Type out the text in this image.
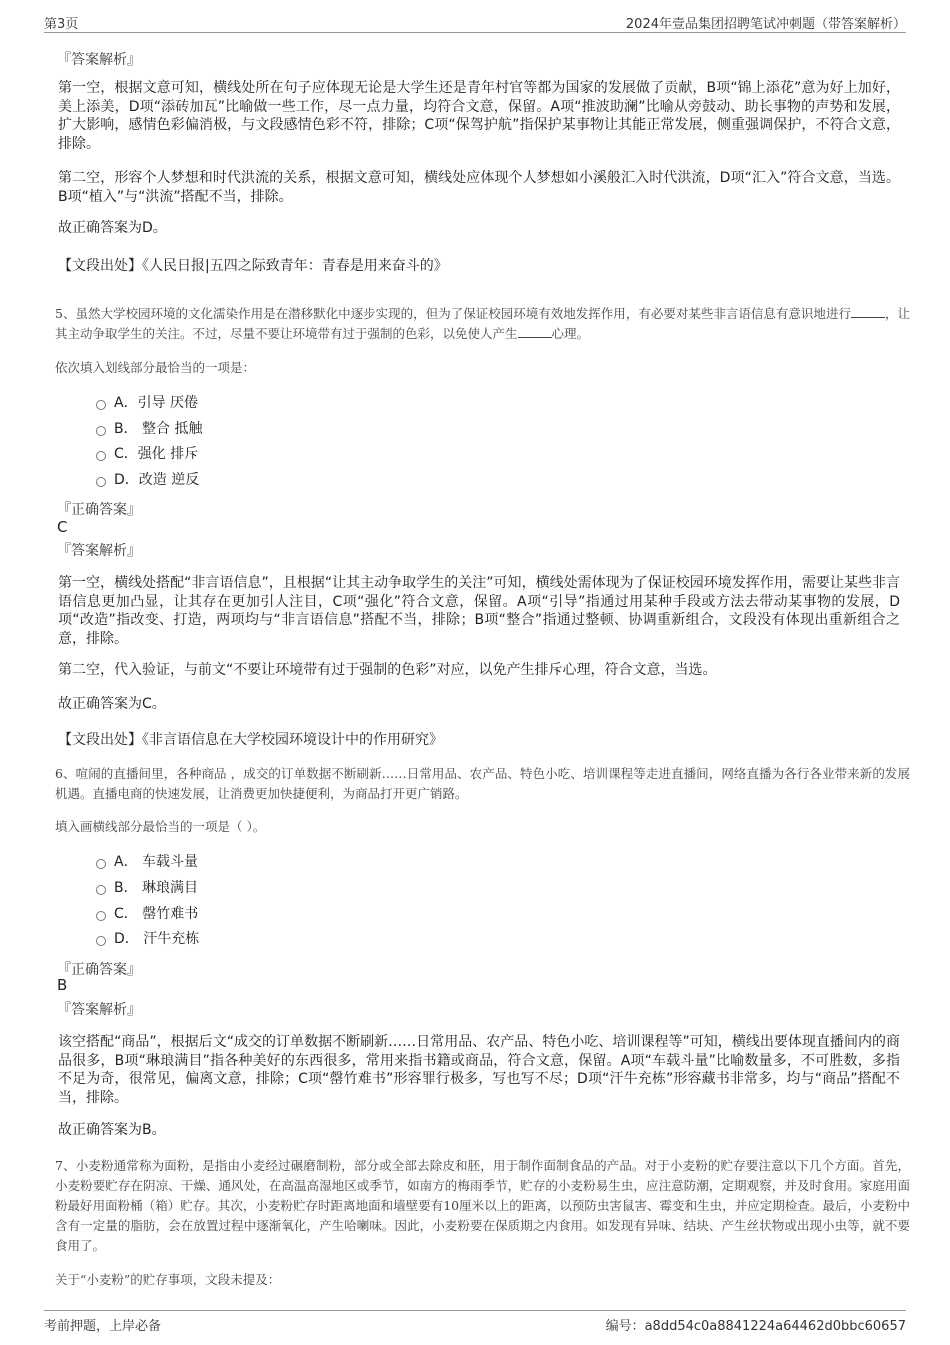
第3页	2024年壹品集团招聘笔试冲刺题（带答案解析）
『答案解析』

第一空，根据文意可知，横线处所在句子应体现无论是大学生还是青年村官等都为国家的发展做了贡献，B项“锦上添花”意为好上加好，美上添美，D项“添砖加瓦”比喻做一些工作，尽一点力量，均符合文意，保留。A项“推波助澜”比喻从旁鼓动、助长事物的声势和发展，扩大影响，感情色彩偏消极，与文段感情色彩不符，排除；C项“保驾护航”指保护某事物让其能正常发展，侧重强调保护，不符合文意，排除。

第二空，形容个人梦想和时代洪流的关系，根据文意可知，横线处应体现个人梦想如小溪般汇入时代洪流，D项“汇入”符合文意，当选。B项“植入”与“洪流”搭配不当，排除。

故正确答案为D。

【文段出处】《人民日报|五四之际致青年：青春是用来奋斗的》

5、虽然大学校园环境的文化濡染作用是在潜移默化中逐步实现的，但为了保证校园环境有效地发挥作用，有必要对某些非言语信息有意识地进行	，让其主动争取学生的关注。不过，尽量不要让环境带有过于强制的色彩，以免使人产生	心理。

依次填入划线部分最恰当的一项是：

A．引导 厌倦
B． 整合 抵触
C．强化 排斥
D．改造 逆反
『正确答案』
C
『答案解析』

第一空，横线处搭配“非言语信息”，且根据“让其主动争取学生的关注”可知，横线处需体现为了保证校园环境发挥作用，需要让某些非言语信息更加凸显，让其存在更加引人注目，C项“强化”符合文意，保留。A项“引导”指通过用某种手段或方法去带动某事物的发展，D项“改造”指改变、打造，两项均与“非言语信息”搭配不当，排除；B项“整合”指通过整顿、协调重新组合，文段没有体现出重新组合之意，排除。

第二空，代入验证，与前文“不要让环境带有过于强制的色彩”对应，以免产生排斥心理，符合文意，当选。

故正确答案为C。

【文段出处】《非言语信息在大学校园环境设计中的作用研究》

6、喧闹的直播间里，各种商品 ，成交的订单数据不断刷新……日常用品、农产品、特色小吃、培训课程等走进直播间，网络直播为各行各业带来新的发展机遇。直播电商的快速发展，让消费更加快捷便利，为商品打开更广销路。

填入画横线部分最恰当的一项是（ ）。

A． 车载斗量
B． 琳琅满目
C． 罄竹难书
D． 汗牛充栋
『正确答案』
B
『答案解析』

该空搭配“商品”，根据后文“成交的订单数据不断刷新……日常用品、农产品、特色小吃、培训课程等”可知，横线出要体现直播间内的商品很多，B项“琳琅满目”指各种美好的东西很多，常用来指书籍或商品，符合文意，保留。A项“车载斗量”比喻数量多，不可胜数，多指不足为奇，很常见，偏离文意，排除；C项“罄竹难书”形容罪行极多，写也写不尽；D项“汗牛充栋”形容藏书非常多，均与“商品”搭配不当，排除。

故正确答案为B。

7、小麦粉通常称为面粉，是指由小麦经过碾磨制粉，部分或全部去除皮和胚，用于制作面制食品的产品。对于小麦粉的贮存要注意以下几个方面。首先，小麦粉要贮存在阴凉、干燥、通风处，在高温高湿地区或季节，如南方的梅雨季节，贮存的小麦粉易生虫，应注意防潮，定期观察，并及时食用。家庭用面粉最好用面粉桶（箱）贮存。其次，小麦粉贮存时距离地面和墙壁要有10厘米以上的距离，以预防虫害鼠害、霉变和生虫，并应定期检查。最后，小麦粉中含有一定量的脂肪，会在放置过程中逐渐氧化，产生哈喇味。因此，小麦粉要在保质期之内食用。如发现有异味、结块、产生丝状物或出现小虫等，就不要食用了。

关于“小麦粉”的贮存事项，文段未提及：

考前押题，上岸必备	编号：a8dd54c0a8841224a64462d0bbc60657
